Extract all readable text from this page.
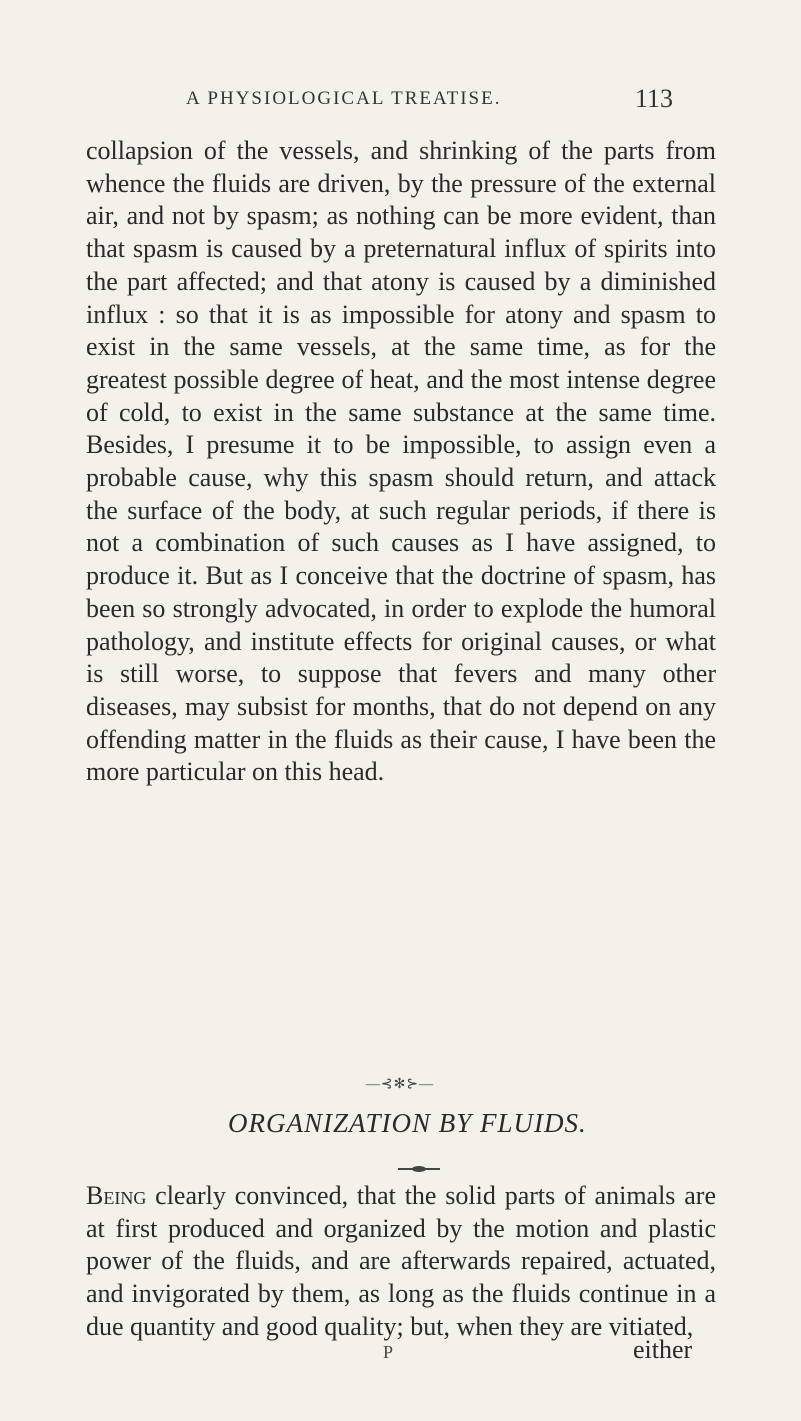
A PHYSIOLOGICAL TREATISE.	113

collapsion of the vessels, and shrinking of the parts from whence the fluids are driven, by the pressure of the external air, and not by spasm; as nothing can be more evident, than that spasm is caused by a preternatural influx of spirits into the part affected; and that atony is caused by a diminished influx : so that it is as impossible for atony and spasm to exist in the same vessels, at the same time, as for the greatest possible degree of heat, and the most intense degree of cold, to exist in the same substance at the same time. Besides, I presume it to be impossible, to assign even a probable cause, why this spasm should return, and attack the surface of the body, at such regular periods, if there is not a combination of such causes as I have assigned, to produce it. But as I conceive that the doctrine of spasm, has been so strongly advocated, in order to explode the humoral pathology, and institute effects for original causes, or what is still worse, to suppose that fevers and many other diseases, may subsist for months, that do not depend on any offending matter in the fluids as their cause, I have been the more particular on this head.

—⊰✻⊱—
ORGANIZATION BY FLUIDS.

Being clearly convinced, that the solid parts of animals are at first produced and organized by the motion and plastic power of the fluids, and are afterwards repaired, actuated, and invigorated by them, as long as the fluids continue in a due quantity and good quality; but, when they are vitiated,

P	either
